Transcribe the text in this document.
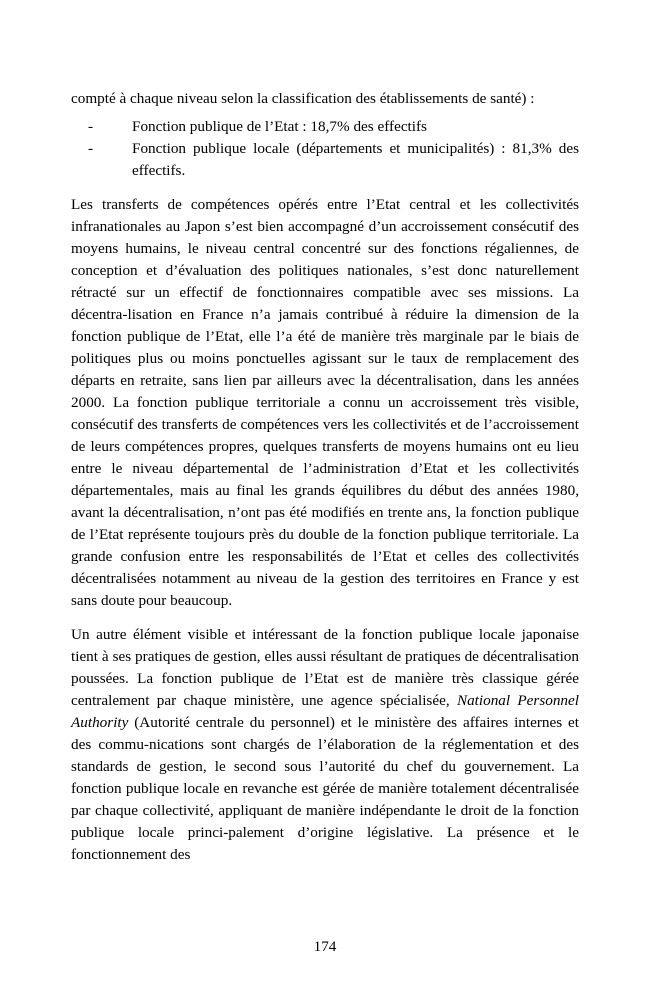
compté à chaque niveau selon la classification des établissements de santé) :

-	Fonction publique de l’Etat : 18,7% des effectifs
-	Fonction publique locale (départements et municipalités) : 81,3% des effectifs.

Les transferts de compétences opérés entre l’Etat central et les collectivités infranationales au Japon s’est bien accompagné d’un accroissement consécutif des moyens humains, le niveau central concentré sur des fonctions régaliennes, de conception et d’évaluation des politiques nationales, s’est donc naturellement rétracté sur un effectif de fonctionnaires compatible avec ses missions. La décentra-lisation en France n’a jamais contribué à réduire la dimension de la fonction publique de l’Etat, elle l’a été de manière très marginale par le biais de politiques plus ou moins ponctuelles agissant sur le taux de remplacement des départs en retraite, sans lien par ailleurs avec la décentralisation, dans les années 2000. La fonction publique territoriale a connu un accroissement très visible, consécutif des transferts de compétences vers les collectivités et de l’accroissement de leurs compétences propres, quelques transferts de moyens humains ont eu lieu entre le niveau départemental de l’administration d’Etat et les collectivités départementales, mais au final les grands équilibres du début des années 1980, avant la décentralisation, n’ont pas été modifiés en trente ans, la fonction publique de l’Etat représente toujours près du double de la fonction publique territoriale. La grande confusion entre les responsabilités de l’Etat et celles des collectivités décentralisées notamment au niveau de la gestion des territoires en France y est sans doute pour beaucoup.

Un autre élément visible et intéressant de la fonction publique locale japonaise tient à ses pratiques de gestion, elles aussi résultant de pratiques de décentralisation poussées. La fonction publique de l’Etat est de manière très classique gérée centralement par chaque ministère, une agence spécialisée, National Personnel Authority (Autorité centrale du personnel) et le ministère des affaires internes et des commu-nications sont chargés de l’élaboration de la réglementation et des standards de gestion, le second sous l’autorité du chef du gouvernement. La fonction publique locale en revanche est gérée de manière totalement décentralisée par chaque collectivité, appliquant de manière indépendante le droit de la fonction publique locale princi-palement d’origine législative. La présence et le fonctionnement des

174
